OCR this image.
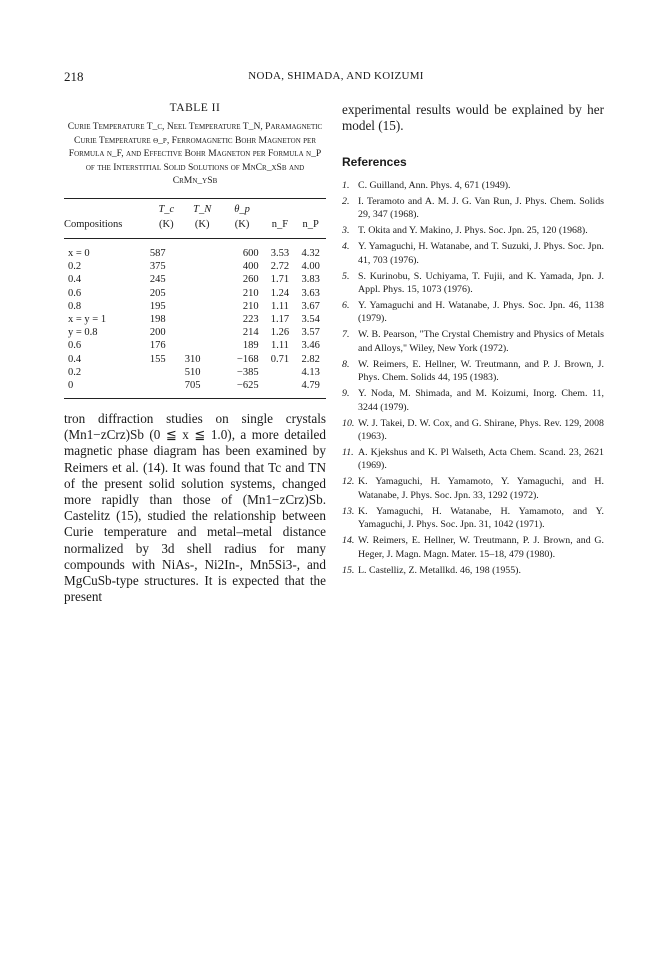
218	NODA, SHIMADA, AND KOIZUMI

TABLE II

Curie Temperature T_c, Neel Temperature T_N, Paramagnetic Curie Temperature θ_p, Ferromagnetic Bohr Magneton per Formula n_F, and Effective Bohr Magneton per Formula n_P of the Interstitial Solid Solutions of MnCr_xSb and CrMn_ySb

	T_c	T_N	θ_p		
Compositions	(K)	(K)	(K)	n_F	n_P
x = 0	587		600	3.53	4.32
0.2	375		400	2.72	4.00
0.4	245		260	1.71	3.83
0.6	205		210	1.24	3.63
0.8	195		210	1.11	3.67
x = y = 1	198		223	1.17	3.54
y = 0.8	200		214	1.26	3.57
0.6	176		189	1.11	3.46
0.4	155	310	−168	0.71	2.82
0.2		510	−385		4.13
0		705	−625		4.79

tron diffraction studies on single crystals (Mn1−zCrz)Sb (0 ≦ x ≦ 1.0), a more detailed magnetic phase diagram has been examined by Reimers et al. (14). It was found that Tc and TN of the present solid solution systems, changed more rapidly than those of (Mn1−zCrz)Sb. Castelitz (15), studied the relationship between Curie temperature and metal–metal distance normalized by 3d shell radius for many compounds with NiAs-, Ni2In-, Mn5Si3-, and MgCuSb-type structures. It is expected that the present

experimental results would be explained by her model (15).

References
1. C. Guilland, Ann. Phys. 4, 671 (1949).
2. I. Teramoto and A. M. J. G. Van Run, J. Phys. Chem. Solids 29, 347 (1968).
3. T. Okita and Y. Makino, J. Phys. Soc. Jpn. 25, 120 (1968).
4. Y. Yamaguchi, H. Watanabe, and T. Suzuki, J. Phys. Soc. Jpn. 41, 703 (1976).
5. S. Kurinobu, S. Uchiyama, T. Fujii, and K. Yamada, Jpn. J. Appl. Phys. 15, 1073 (1976).
6. Y. Yamaguchi and H. Watanabe, J. Phys. Soc. Jpn. 46, 1138 (1979).
7. W. B. Pearson, "The Crystal Chemistry and Physics of Metals and Alloys," Wiley, New York (1972).
8. W. Reimers, E. Hellner, W. Treutmann, and P. J. Brown, J. Phys. Chem. Solids 44, 195 (1983).
9. Y. Noda, M. Shimada, and M. Koizumi, Inorg. Chem. 11, 3244 (1979).
10. W. J. Takei, D. W. Cox, and G. Shirane, Phys. Rev. 129, 2008 (1963).
11. A. Kjekshus and K. Pl Walseth, Acta Chem. Scand. 23, 2621 (1969).
12. K. Yamaguchi, H. Yamamoto, Y. Yamaguchi, and H. Watanabe, J. Phys. Soc. Jpn. 33, 1292 (1972).
13. K. Yamaguchi, H. Watanabe, H. Yamamoto, and Y. Yamaguchi, J. Phys. Soc. Jpn. 31, 1042 (1971).
14. W. Reimers, E. Hellner, W. Treutmann, P. J. Brown, and G. Heger, J. Magn. Magn. Mater. 15–18, 479 (1980).
15. L. Castelliz, Z. Metallkd. 46, 198 (1955).
